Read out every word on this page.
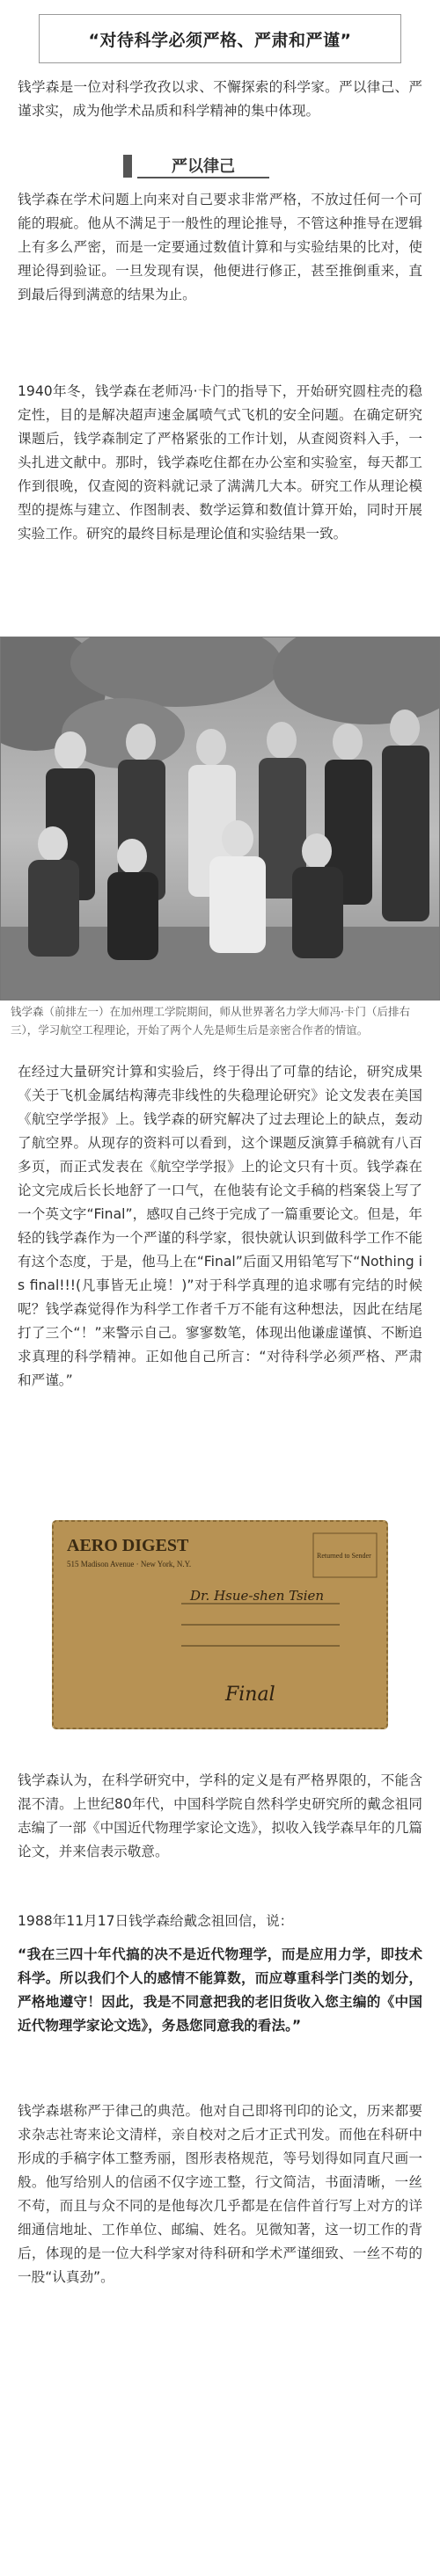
“对待科学必须严格、严肃和严谨”

钱学森是一位对科学孜孜以求、不懈探索的科学家。严以律己、严谨求实，成为他学术品质和科学精神的集中体现。

严以律己

钱学森在学术问题上向来对自己要求非常严格，不放过任何一个可能的瑕疵。他从不满足于一般性的理论推导，不管这种推导在逻辑上有多么严密，而是一定要通过数值计算和与实验结果的比对，使理论得到验证。一旦发现有误，他便进行修正，甚至推倒重来，直到最后得到满意的结果为止。

1940年冬，钱学森在老师冯·卡门的指导下，开始研究圆柱壳的稳定性，目的是解决超声速金属喷气式飞机的安全问题。在确定研究课题后，钱学森制定了严格紧张的工作计划，从查阅资料入手，一头扎进文献中。那时，钱学森吃住都在办公室和实验室，每天都工作到很晚，仅查阅的资料就记录了满满几大本。研究工作从理论模型的提炼与建立、作图制表、数学运算和数值计算开始，同时开展实验工作。研究的最终目标是理论值和实验结果一致。

钱学森（前排左一）在加州理工学院期间，师从世界著名力学大师冯·卡门（后排右三），学习航空工程理论，开始了两个人先是师生后是亲密合作者的情谊。

在经过大量研究计算和实验后，终于得出了可靠的结论，研究成果《关于飞机金属结构薄壳非线性的失稳理论研究》论文发表在美国《航空学学报》上。钱学森的研究解决了过去理论上的缺点，轰动了航空界。从现存的资料可以看到，这个课题反演算手稿就有八百多页，而正式发表在《航空学学报》上的论文只有十页。钱学森在论文完成后长长地舒了一口气，在他装有论文手稿的档案袋上写了一个英文字“Final”，感叹自己终于完成了一篇重要论文。但是，年轻的钱学森作为一个严谨的科学家，很快就认识到做科学工作不能有这个态度，于是，他马上在“Final”后面又用铅笔写下“Nothing is final!!!(凡事皆无止境！)”对于科学真理的追求哪有完结的时候呢？钱学森觉得作为科学工作者千万不能有这种想法，因此在结尾打了三个“！”来警示自己。寥寥数笔，体现出他谦虚谨慎、不断追求真理的科学精神。正如他自己所言：“对待科学必须严格、严肃和严谨。”

AERO DIGEST
515 Madison Avenue · New York, N.Y.
Returned to Sender
Dr. Hsue-shen Tsien
Final

钱学森认为，在科学研究中，学科的定义是有严格界限的，不能含混不清。上世纪80年代，中国科学院自然科学史研究所的戴念祖同志编了一部《中国近代物理学家论文选》，拟收入钱学森早年的几篇论文，并来信表示敬意。

1988年11月17日钱学森给戴念祖回信，说：

“我在三四十年代搞的决不是近代物理学，而是应用力学，即技术科学。所以我们个人的感情不能算数，而应尊重科学门类的划分，严格地遵守！因此，我是不同意把我的老旧货收入您主编的《中国近代物理学家论文选》，务恳您同意我的看法。”

钱学森堪称严于律己的典范。他对自己即将刊印的论文，历来都要求杂志社寄来论文清样，亲自校对之后才正式刊发。而他在科研中形成的手稿字体工整秀丽，图形表格规范，等号划得如同直尺画一般。他写给别人的信函不仅字迹工整，行文简洁，书面清晰，一丝不苟，而且与众不同的是他每次几乎都是在信件首行写上对方的详细通信地址、工作单位、邮编、姓名。见微知著，这一切工作的背后，体现的是一位大科学家对待科研和学术严谨细致、一丝不苟的一股“认真劲”。
